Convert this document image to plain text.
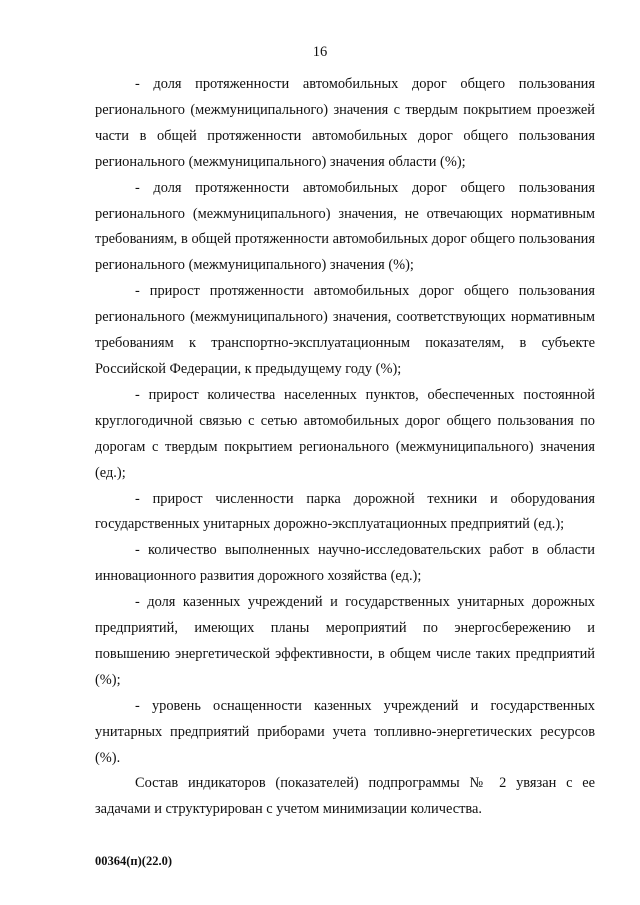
16

- доля протяженности автомобильных дорог общего пользования регионального (межмуниципального) значения с твердым покрытием проезжей части в общей протяженности автомобильных дорог общего пользования регионального (межмуниципального) значения области (%);

- доля протяженности автомобильных дорог общего пользования регионального (межмуниципального) значения, не отвечающих нормативным требованиям, в общей протяженности автомобильных дорог общего пользования регионального (межмуниципального) значения (%);

- прирост протяженности автомобильных дорог общего пользования регионального (межмуниципального) значения, соответствующих нормативным требованиям к транспортно-эксплуатационным показателям, в субъекте Российской Федерации, к предыдущему году (%);

- прирост количества населенных пунктов, обеспеченных постоянной круглогодичной связью с сетью автомобильных дорог общего пользования по дорогам с твердым покрытием регионального (межмуниципального) значения (ед.);

- прирост численности парка дорожной техники и оборудования государственных унитарных дорожно-эксплуатационных предприятий (ед.);

- количество выполненных научно-исследовательских работ в области инновационного развития дорожного хозяйства (ед.);

- доля казенных учреждений и государственных унитарных дорожных предприятий, имеющих планы мероприятий по энергосбережению и повышению энергетической эффективности, в общем числе таких предприятий (%);

- уровень оснащенности казенных учреждений и государственных унитарных предприятий приборами учета топливно-энергетических ресурсов (%).

Состав индикаторов (показателей) подпрограммы № 2 увязан с ее задачами и структурирован с учетом минимизации количества.

00364(п)(22.0)
